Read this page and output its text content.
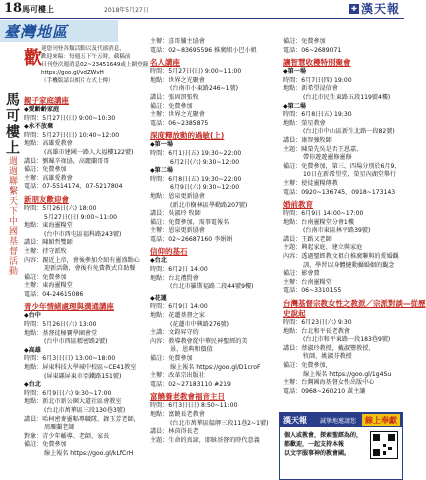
18 馬可樓上	2018年5月27日	✚ 漢天報
臺灣地區
馬可樓上
週週聯繫天下中國基督活動
歡 迎您刊登各類活動以及代禱消息，
歡迎來稿：每週五下午五時，截稿前
日刊登次週消息02~23451649或上網登錄
https://goo.gl/vdZWvH
（手機版請以相片方式上傳）
親子家庭講座
◆愛齡齡家庭
時間：5月27日(日) 9:00~10:30
◆永不放棄
時間：5月27日(日) 10:40~12:00
地點：高雄愛教會
(高雄市建國一路人大福樓122號)
講員：劉珮辛祿協，高麗蘭哥哥
備註：免費參加
主辦：高雄愛教會
電話：07-5514174、07-5217804
新朋友歡迎會
時間：5月26日(六) 18:00
5月27日(日) 9:00~11:00
地點：東海靈糧堂
(台中市西屯區福科路243號)
講員：陳穎哲雙師
主辦：持守派牧
內容：親近上帝，會後參加介紹有靈盛點心
迎新活動，會後有免費教式自助餐
備註：免費參加
主辦：東海靈糧堂
電話：04-24615086
青少年情緒處理與溝通講座
◆台中
時間：5月26日(六) 13:00
地點：基督徒極寶學園會堂
(台中市西區精密路2號)
◆高雄
時間：6月3日(日) 13:00~18:00
地點：屏東科技大學城中校區~CE41教室
(屏東縣屏東市亞鐵路151號)
◆台北
時間：6月9日(六) 9:30~17:00
地點：新北市新公園大道社區會教室
(台北市萬華區三段130巷3號)
講員：哈柯密麥靈幅專職隊，錄玉芳老師，
周雁蘭老師
對象：青少年輔導、老師、家長
備註：免費參加
線上報名 https://goo.gl/kLfCrH
主辦：喜哥脯主協會
電話：02~83695596 推廣組小巴小姐
名人講座
時間：5月27日(日) 9:00~11:00
地點：世界之光聚會
(台南市小東路246~1號)
講員：張固溟張牧
備註：免費參加
主辦：世界之光聚會
電話：06~2385875
深度釋放動的過敏(上)
◆第一場
時間：6月1日(五) 19:30~22:00
6月2日(六) 9:30~12:00
◆第二場
時間：6月8日(五) 19:30~22:00
6月9日(六) 9:30~12:00
地點：恩泉更新協會
(新北市樹林區學勤路207號)
講員：吳淑玲 牧師
備註：免費參加，需事電報名
主辦：恩泉更新協會
電話：02~26687160 李娟娟
信仰的基石
◆台北
時間：6月2日 14:00
地點：台北禮賢會
(台北市羅斯福路二段44號9樓)
◆花蓮
時間：6月9日 14:00
地點：花蓮基督之家
(花蓮市中興路276號)
主講：文鈞昇守的
內容：教導教會從中華民神聖經的美
景，恩典和價值
備註：免費參加
線上報名 https://goo.gl/D1croF
主辦：改革宗出版社
電話：02~27183110 #219
富饒養老教會福音主日
時間：6月3日(日) 8:50~11:00
地點：富饒長老教會
(台北市萬華區艋舺三段11巷2~1號)
講員：林茵得長老
主題：生命的真諦，耶穌基督的時代意義
備註：免費參加
電話：06~2689071
讓智慧收穫特別聚會
◆第一場
時間：6月7日(四) 19:00
地點：新希望浸信會
(台北市民生東路五段119號4樓)
◆第二場
時間：6月8日(五) 19:30
地點：榮星教會
(台北市中山區新生北路一段82號)
講員：康智強牧師
主題：陳榮先吳是否王恩嘉，
帶你遊遊靈修靈修
備註：免費參加，第三、四場分別於6月9、
10日在新希望堂，榮星內湖堂舉行
主辦：使徒靈糧傳教
電話：0920~136745，0918~173143
婚前教育
時間：6月9日 14:00~17:00
地點：台南靈糧堂分會1樓
(台南市東區林平路39號)
講員：王路又老師
主題：興起家庭、建立與家庭
內容：透過聖經教文祖白推廣聯與的愛婚觀
訓，學習以身體健動攝婚姻的觀念
備註：影會費
主辦：台南靈糧堂
電話：06~3310155
台灣基督宗教女性之教派／宗派對談—從歷
史說起
時間：6月23日(六) 9:30
地點：台北和平長老教會
(台北市和平東路一段183巷9號)
講員：蔡淑玲教授，戴淑豐教授，
牧師，姚淑芬教授
備註：免費參加，
線上報名 https://goo.gl/1g4Su
主辦：台灣國海基督女性出版中心
電話：0968~260210 黃主讓
漢天報 誠摯地邀請您	線上奉獻
個人或教會，探索聖經為的，
都歡迎，一起支持本報
以文字服事神的教會國。
